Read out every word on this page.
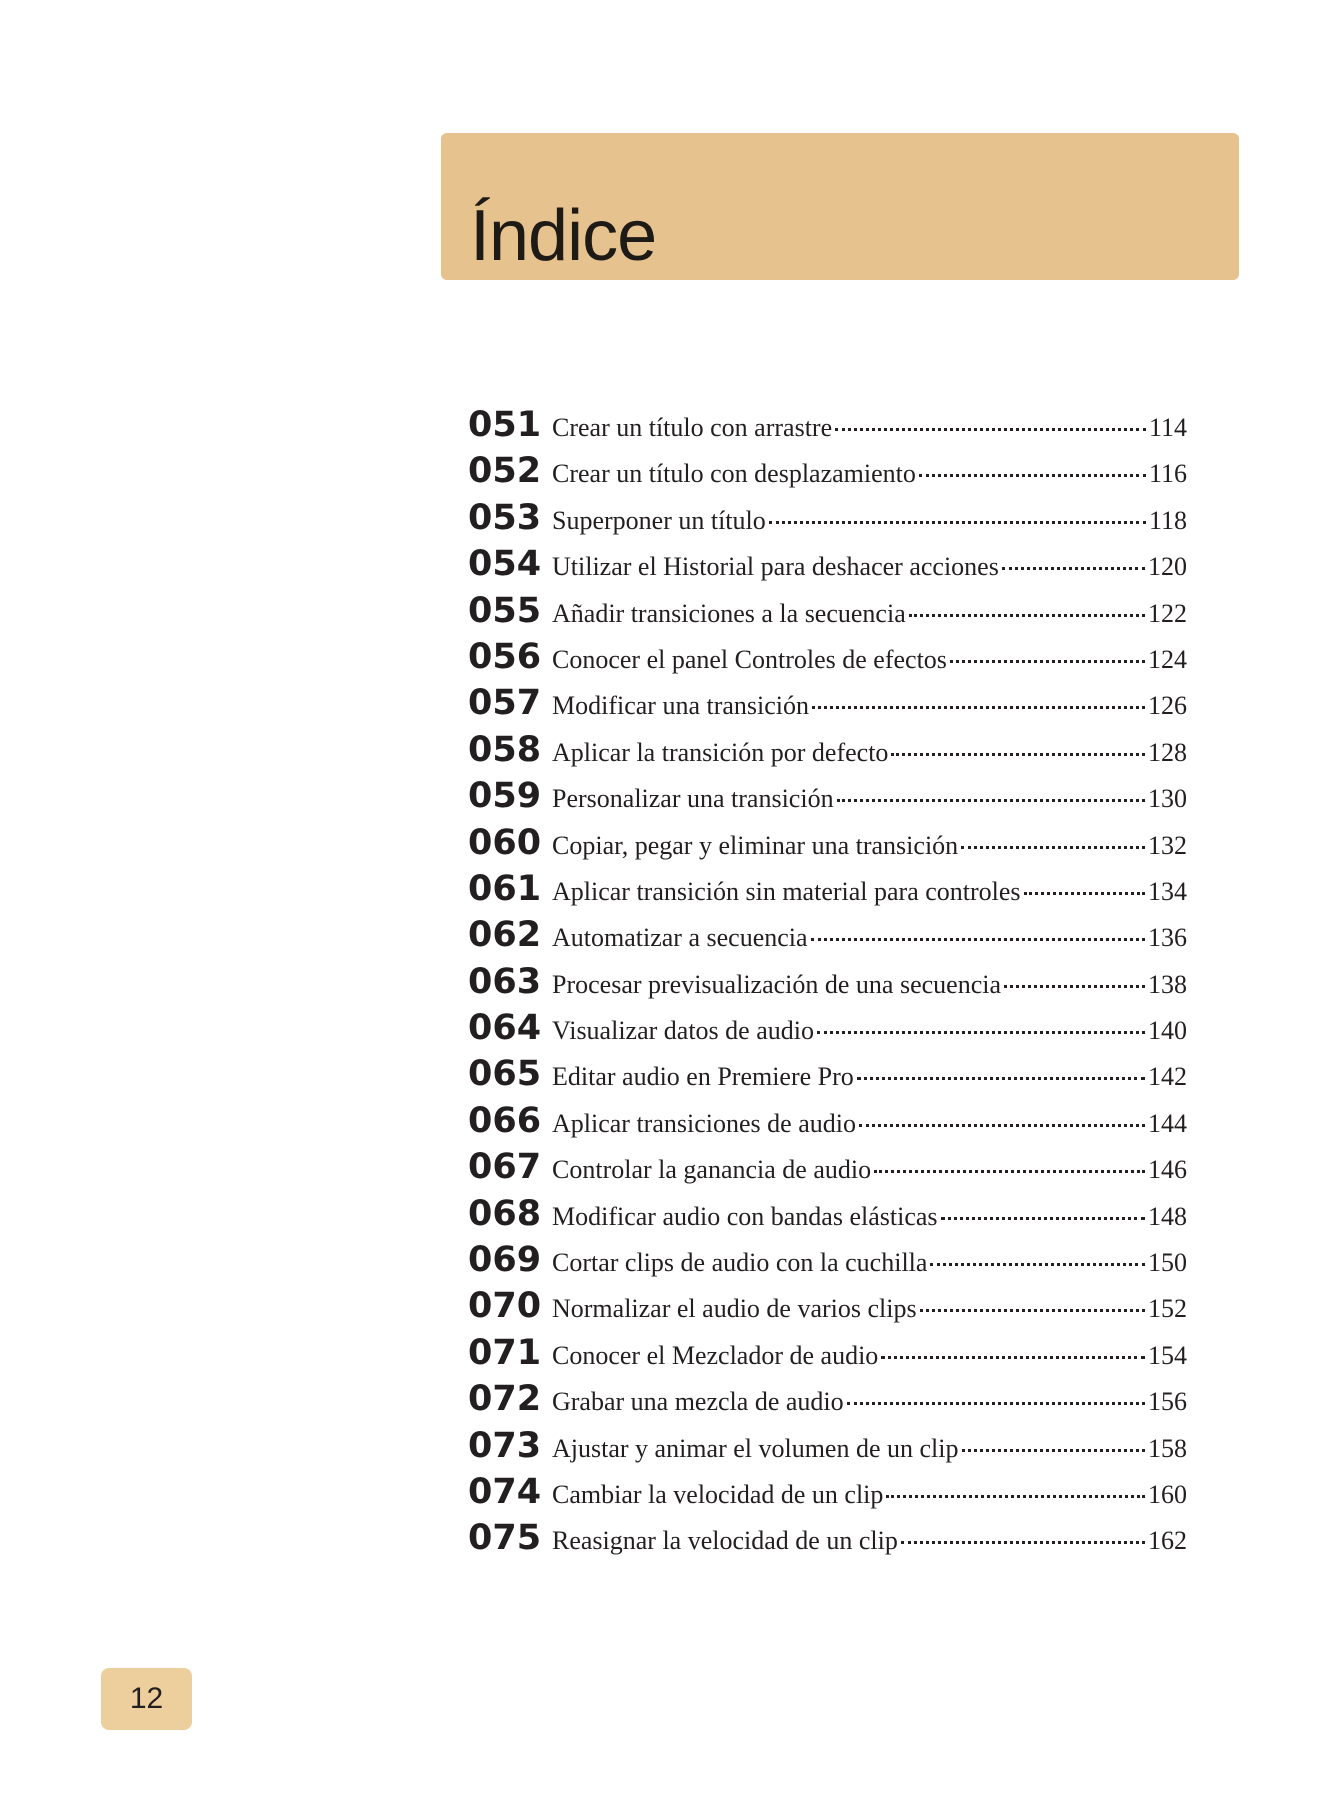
Índice
051 Crear un título con arrastre	114
052 Crear un título con desplazamiento	116
053 Superponer un título	118
054 Utilizar el Historial para deshacer acciones	120
055 Añadir transiciones a la secuencia	122
056 Conocer el panel Controles de efectos	124
057 Modificar una transición	126
058 Aplicar la transición por defecto	128
059 Personalizar una transición	130
060 Copiar, pegar y eliminar una transición	132
061 Aplicar transición sin material para controles	134
062 Automatizar a secuencia	136
063 Procesar previsualización de una secuencia	138
064 Visualizar datos de audio	140
065 Editar audio en Premiere Pro	142
066 Aplicar transiciones de audio	144
067 Controlar la ganancia de audio	146
068 Modificar audio con bandas elásticas	148
069 Cortar clips de audio con la cuchilla	150
070 Normalizar el audio de varios clips	152
071 Conocer el Mezclador de audio	154
072 Grabar una mezcla de audio	156
073 Ajustar y animar el volumen de un clip	158
074 Cambiar la velocidad de un clip	160
075 Reasignar la velocidad de un clip	162
12
